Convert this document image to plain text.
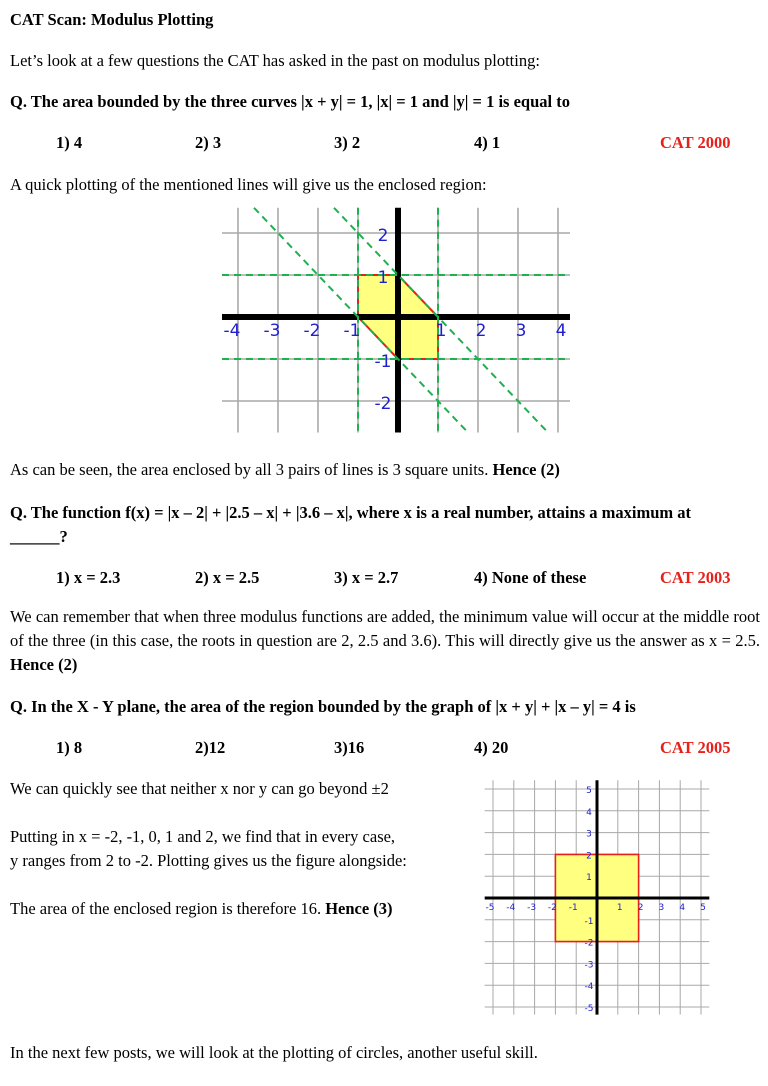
CAT Scan: Modulus Plotting
Let’s look at a few questions the CAT has asked in the past on modulus plotting:
Q. The area bounded by the three curves |x + y| = 1, |x| = 1 and |y| = 1 is equal to
1) 4	2) 3	3) 2	4) 1	CAT 2000
A quick plotting of the mentioned lines will give us the enclosed region:
-4 -3 -2 -1	1 2 3 4
2
1
-1
-2
As can be seen, the area enclosed by all 3 pairs of lines is 3 square units. Hence (2)
Q. The function f(x) = |x – 2| + |2.5 – x| + |3.6 – x|, where x is a real number, attains a maximum at
______?
1) x = 2.3	2) x = 2.5	3) x = 2.7	4) None of these	CAT 2003
We can remember that when three modulus functions are added, the minimum value will occur at the middle root of the three (in this case, the roots in question are 2, 2.5 and 3.6). This will directly give us the answer as x = 2.5. Hence (2)
Q. In the X - Y plane, the area of the region bounded by the graph of |x + y| + |x – y| = 4 is
1) 8	2)12	3)16	4) 20	CAT 2005
We can quickly see that neither x nor y can go beyond ±2
Putting in x = -2, -1, 0, 1 and 2, we find that in every case,
y ranges from 2 to -2. Plotting gives us the figure alongside:
The area of the enclosed region is therefore 16. Hence (3)	-5 -4 -3 -2 -1	1 2 3 4 5
5
4
3
2
1
-1
-2
-3
-4
-5
In the next few posts, we will look at the plotting of circles, another useful skill.
